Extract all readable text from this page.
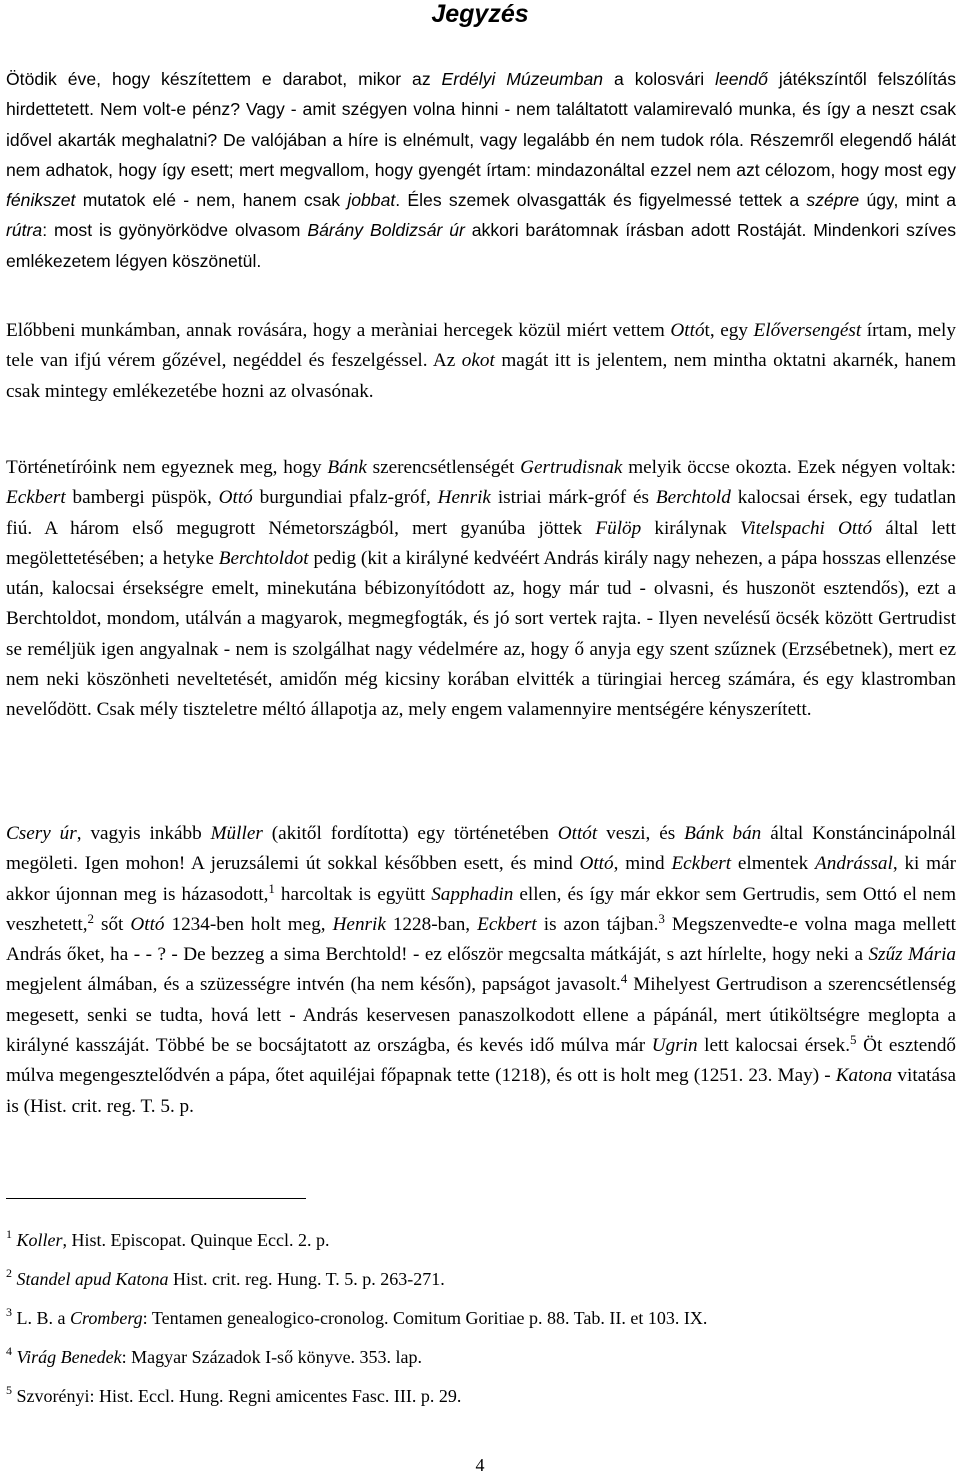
Jegyzés

Ötödik éve, hogy készítettem e darabot, mikor az Erdélyi Múzeumban a kolosvári leendő játékszíntől felszólítás hirdettetett. Nem volt-e pénz? Vagy - amit szégyen volna hinni - nem találtatott valamirevaló munka, és így a neszt csak idővel akarták meghalatni? De valójában a híre is elnémult, vagy legalább én nem tudok róla. Részemről elegendő hálát nem adhatok, hogy így esett; mert megvallom, hogy gyengét írtam: mindazonáltal ezzel nem azt célozom, hogy most egy fénikszet mutatok elé - nem, hanem csak jobbat. Éles szemek olvasgatták és figyelmessé tettek a szépre úgy, mint a rútra: most is gyönyörködve olvasom Bárány Boldizsár úr akkori barátomnak írásban adott Rostáját. Mindenkori szíves emlékezetem légyen köszönetül.

Előbbeni munkámban, annak rovására, hogy a meràniai hercegek közül miért vettem Ottót, egy Előversengést írtam, mely tele van ifjú vérem gőzével, negéddel és feszelgéssel. Az okot magát itt is jelentem, nem mintha oktatni akarnék, hanem csak mintegy emlékezetébe hozni az olvasónak.

Történetíróink nem egyeznek meg, hogy Bánk szerencsétlenségét Gertrudisnak melyik öccse okozta. Ezek négyen voltak: Eckbert bambergi püspök, Ottó burgundiai pfalz-gróf, Henrik istriai márk-gróf és Berchtold kalocsai érsek, egy tudatlan fiú. A három első megugrott Németországból, mert gyanúba jöttek Fülöp királynak Vitelspachi Ottó által lett megölettetésében; a hetyke Berchtoldot pedig (kit a királyné kedvéért András király nagy nehezen, a pápa hosszas ellenzése után, kalocsai érsekségre emelt, minekutána bébizonyítódott az, hogy már tud - olvasni, és huszonöt esztendős), ezt a Berchtoldot, mondom, utálván a magyarok, megmegfogták, és jó sort vertek rajta. - Ilyen nevelésű öcsék között Gertrudist se reméljük igen angyalnak - nem is szolgálhat nagy védelmére az, hogy ő anyja egy szent szűznek (Erzsébetnek), mert ez nem neki köszönheti neveltetését, amidőn még kicsiny korában elvitték a türingiai herceg számára, és egy klastromban nevelődött. Csak mély tiszteletre méltó állapotja az, mely engem valamennyire mentségére kényszerített.

Csery úr, vagyis inkább Müller (akitől fordította) egy történetében Ottót veszi, és Bánk bán által Konstáncinápolnál megöleti. Igen mohon! A jeruzsálemi út sokkal későbben esett, és mind Ottó, mind Eckbert elmentek Andrással, ki már akkor újonnan meg is házasodott,$^1$ harcoltak is együtt Sapphadin ellen, és így már ekkor sem Gertrudis, sem Ottó el nem veszhetett,$^2$ sőt Ottó 1234-ben holt meg, Henrik 1228-ban, Eckbert is azon tájban.$^3$ Megszenvedte-e volna maga mellett András őket, ha - - ? - De bezzeg a sima Berchtold! - ez először megcsalta mátkáját, s azt hírlelte, hogy neki a Szűz Mária megjelent álmában, és a szüzességre intvén (ha nem későn), papságot javasolt.$^4$ Mihelyest Gertrudison a szerencsétlenség megesett, senki se tudta, hová lett - András keservesen panaszolkodott ellene a pápánál, mert útiköltségre megloptа a királyné kasszáját. Többé be se bocsájtatott az országba, és kevés idő múlva már Ugrin lett kalocsai érsek.$^5$ Öt esztendő múlva megengesztelődvén a pápa, őtet aquiléjai főpapnak tette (1218), és ott is holt meg (1251. 23. May) - Katona vitatása is (Hist. crit. reg. T. 5. p.

$^1$ Koller, Hist. Episcopat. Quinque Eccl. 2. p.

$^2$ Standel apud Katona Hist. crit. reg. Hung. T. 5. p. 263-271.

$^3$ L. B. a Cromberg: Tentamen genealogico-cronolog. Comitum Goritiae p. 88. Tab. II. et 103. IX.

$^4$ Virág Benedek: Magyar Századok I-ső könyve. 353. lap.

$^5$ Szvorényi: Hist. Eccl. Hung. Regni amicentes Fasc. III. p. 29.

4
